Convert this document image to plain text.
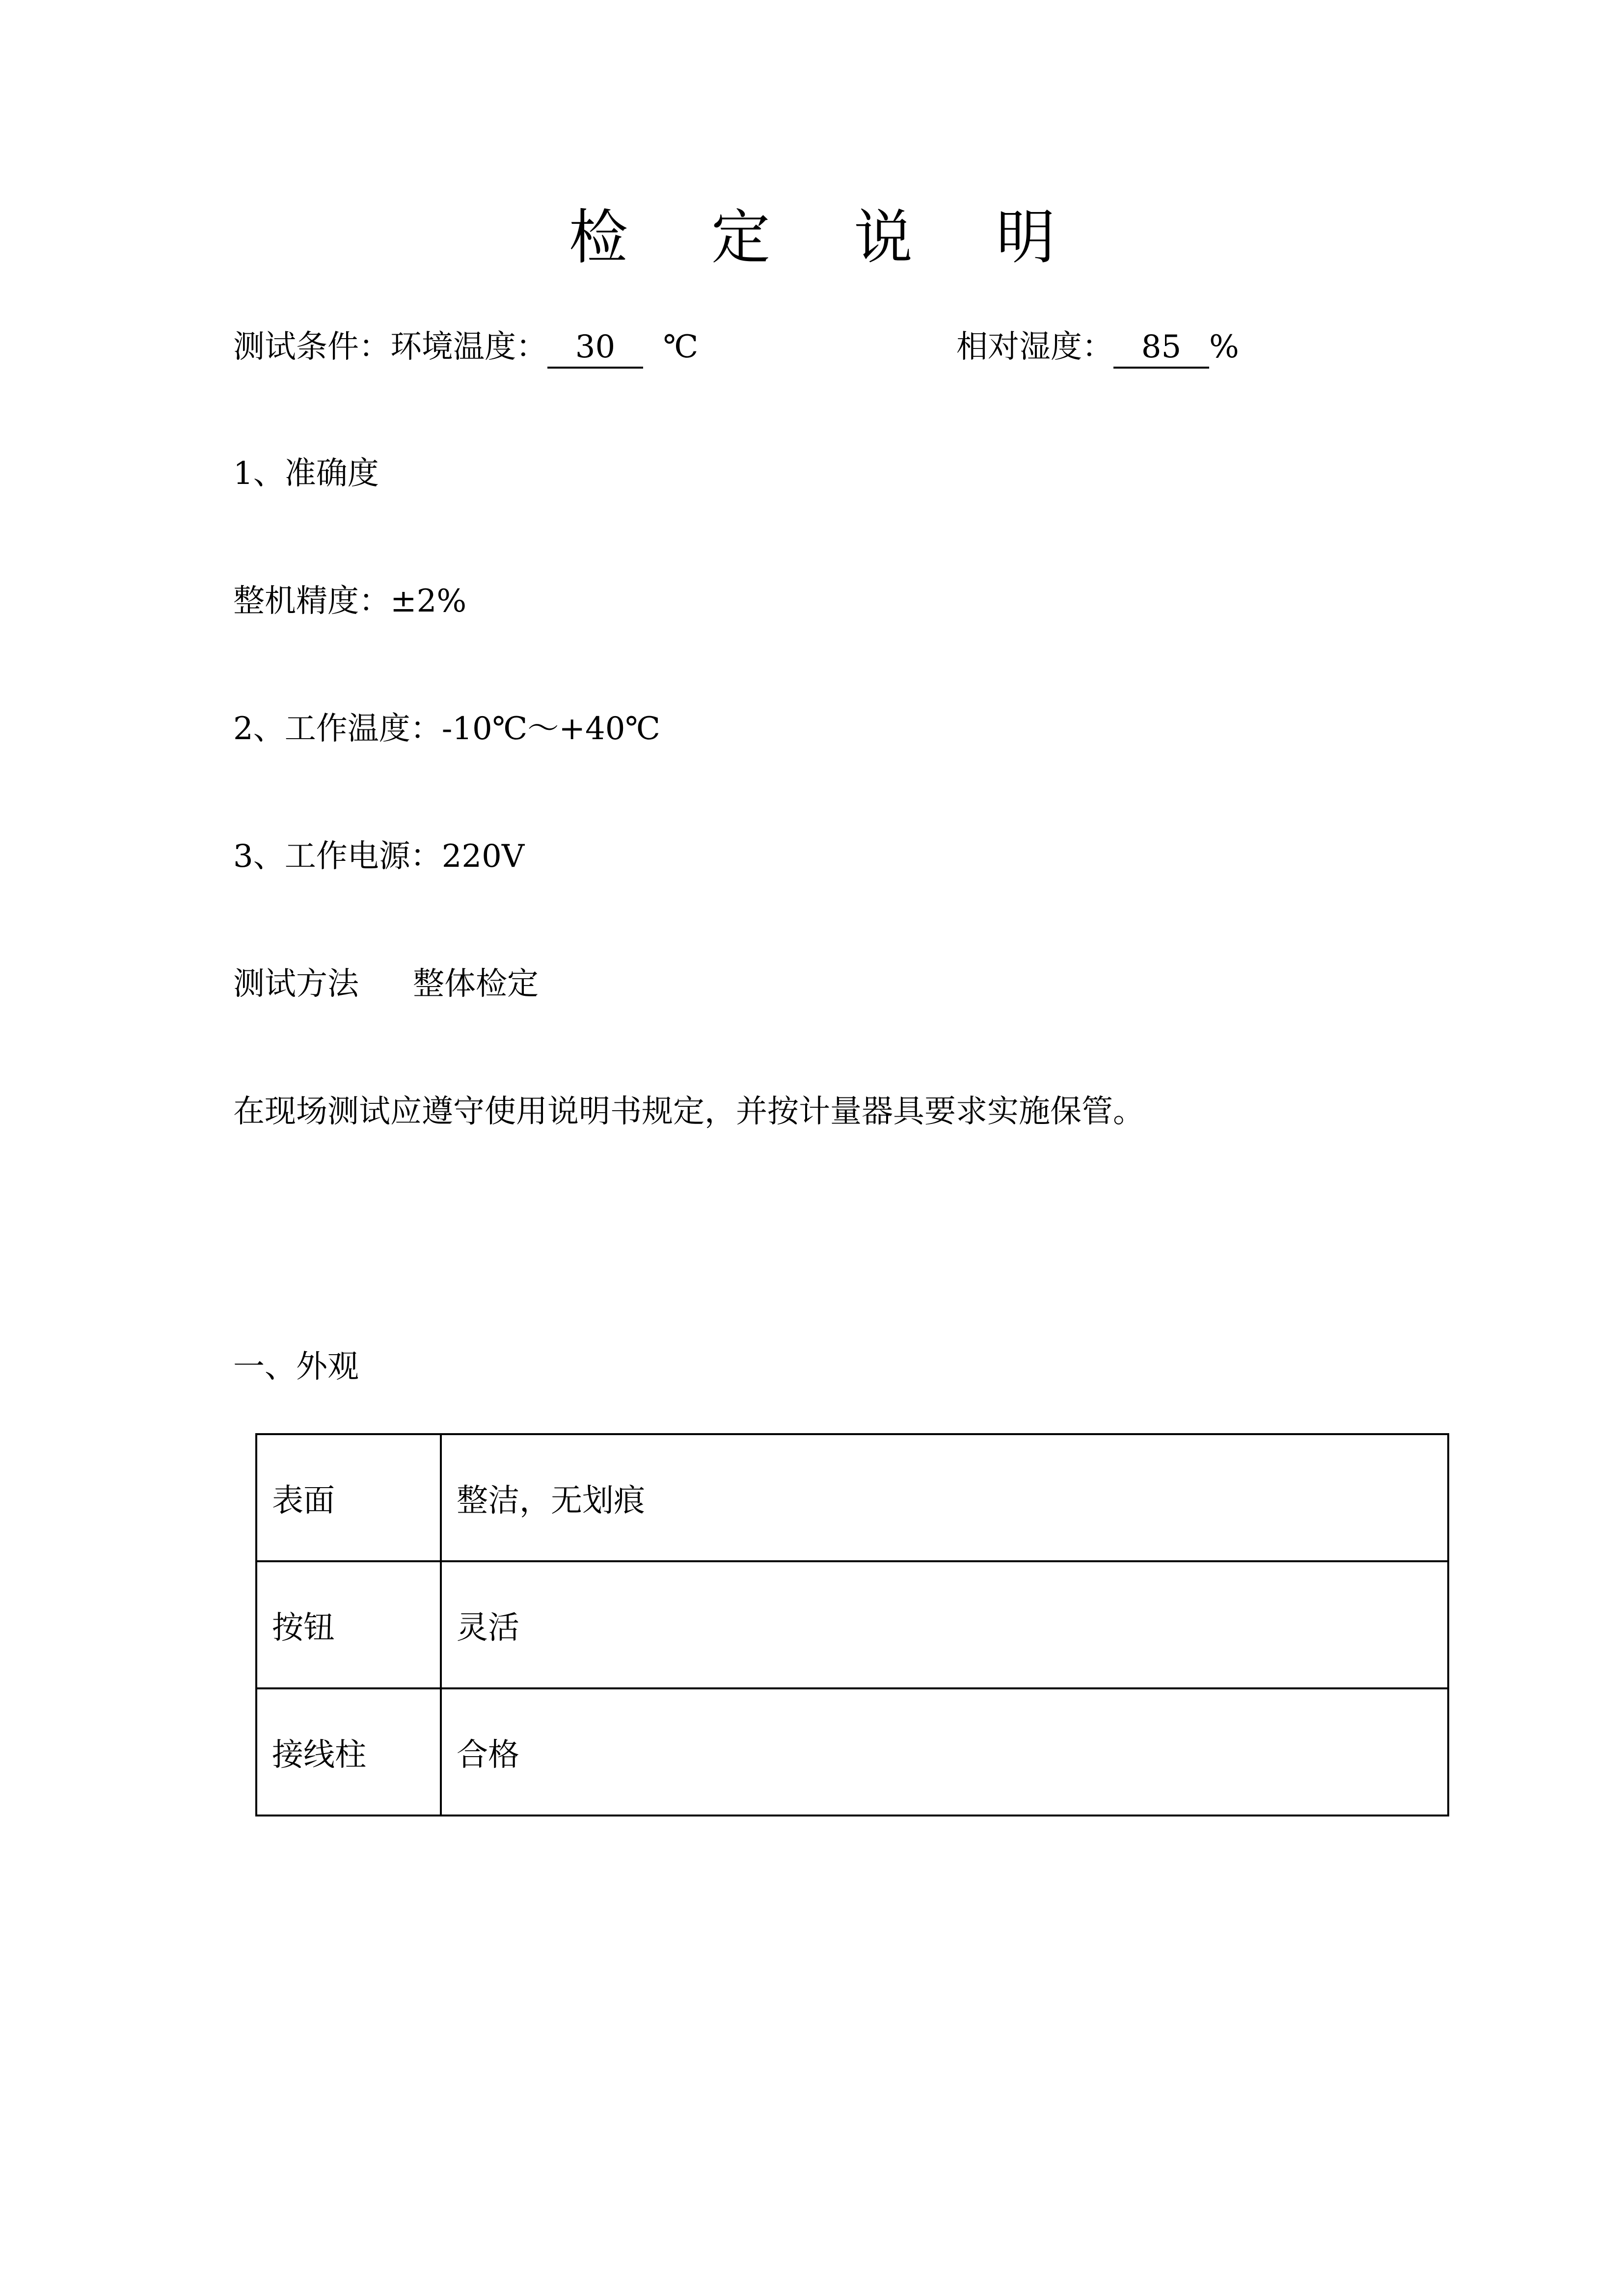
检 定 说 明
测试条件：环境温度： 30 ℃	相对湿度： 85 %
1、准确度
整机精度：±2%
2、工作温度：-10℃～+40℃
3、工作电源：220V
测试方法 整体检定
在现场测试应遵守使用说明书规定，并按计量器具要求实施保管。
一、外观
表面	整洁，无划痕
按钮	灵活
接线柱	合格
